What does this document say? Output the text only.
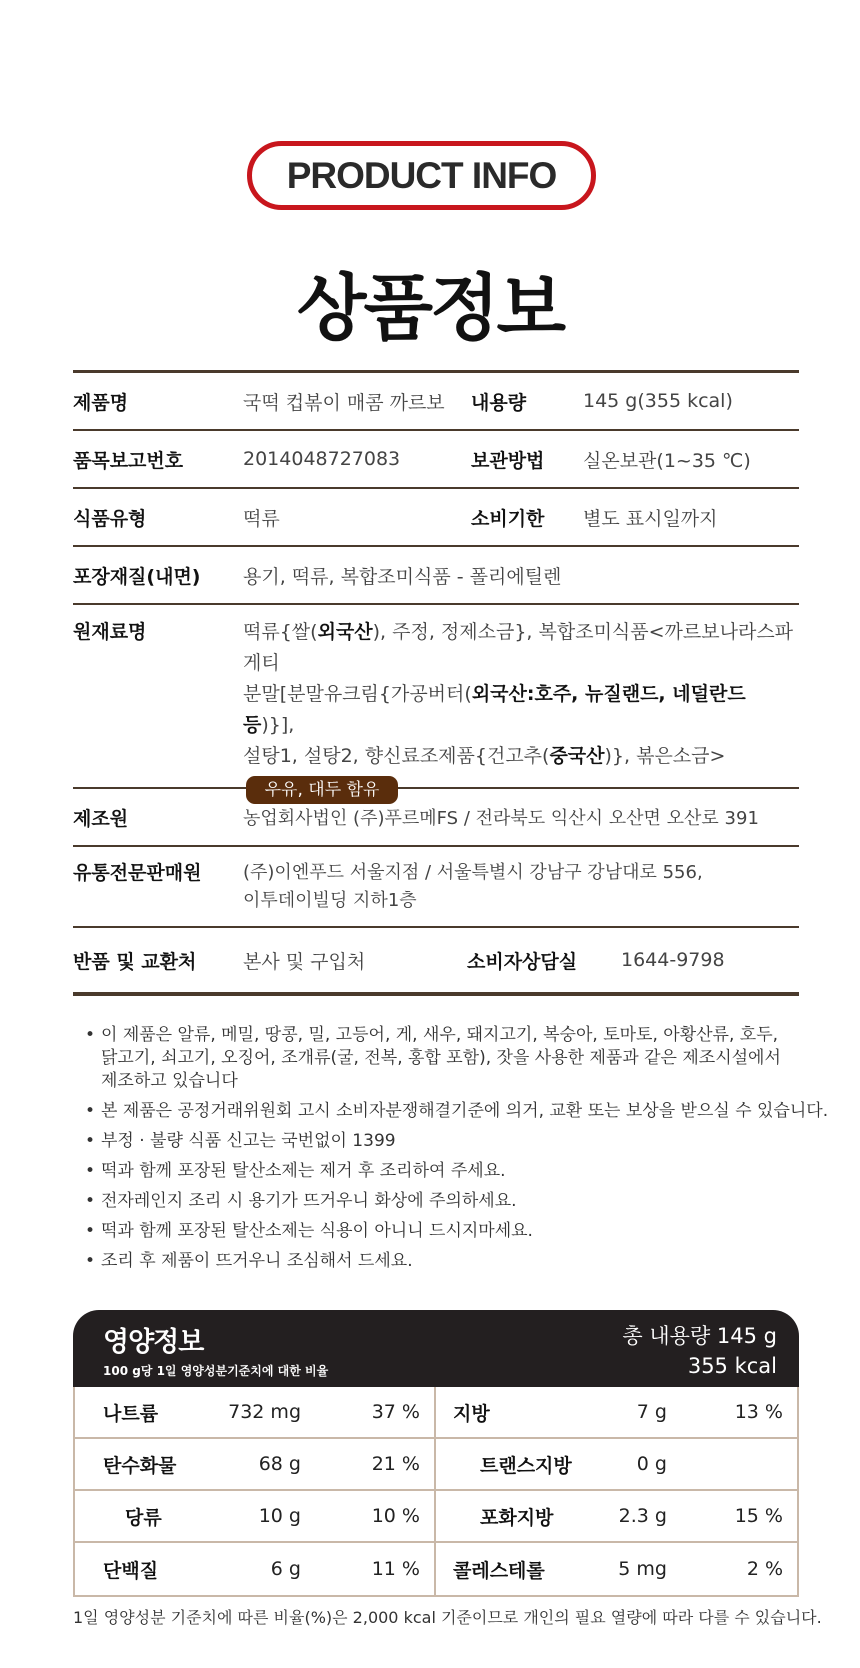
PRODUCT INFO
상품정보
제품명	국떡 컵볶이 매콤 까르보	내용량	145 g(355 kcal)
품목보고번호	2014048727083	보관방법	실온보관(1~35 ℃)
식품유형	떡류	소비기한	별도 표시일까지
포장재질(내면)	용기, 떡류, 복합조미식품 - 폴리에틸렌
원재료명	떡류{쌀(외국산), 주정, 정제소금}, 복합조미식품<까르보나라스파게티
분말[분말유크림{가공버터(외국산:호주, 뉴질랜드, 네덜란드 등)}],
설탕1, 설탕2, 향신료조제품{건고추(중국산)}, 볶은소금>
우유, 대두 함유
제조원	농업회사법인 (주)푸르메FS / 전라북도 익산시 오산면 오산로 391
유통전문판매원	(주)이엔푸드 서울지점 / 서울특별시 강남구 강남대로 556,
이투데이빌딩 지하1층
반품 및 교환처	본사 및 구입처	소비자상담실	1644-9798
• 이 제품은 알류, 메밀, 땅콩, 밀, 고등어, 게, 새우, 돼지고기, 복숭아, 토마토, 아황산류, 호두,
닭고기, 쇠고기, 오징어, 조개류(굴, 전복, 홍합 포함), 잣을 사용한 제품과 같은 제조시설에서
제조하고 있습니다
• 본 제품은 공정거래위원회 고시 소비자분쟁해결기준에 의거, 교환 또는 보상을 받으실 수 있습니다.
• 부정 · 불량 식품 신고는 국번없이 1399
• 떡과 함께 포장된 탈산소제는 제거 후 조리하여 주세요.
• 전자레인지 조리 시 용기가 뜨거우니 화상에 주의하세요.
• 떡과 함께 포장된 탈산소제는 식용이 아니니 드시지마세요.
• 조리 후 제품이 뜨거우니 조심해서 드세요.
영양정보
100 g당 1일 영양성분기준치에 대한 비율
총 내용량 145 g
355 kcal
나트륨	732 mg	37 % 지방	7 g	13 %
탄수화물	68 g	21 %	트랜스지방	0 g
당류	10 g	10 %	포화지방	2.3 g	15 %
단백질	6 g	11 % 콜레스테롤	5 mg	2 %
1일 영양성분 기준치에 따른 비율(%)은 2,000 kcal 기준이므로 개인의 필요 열량에 따라 다를 수 있습니다.
